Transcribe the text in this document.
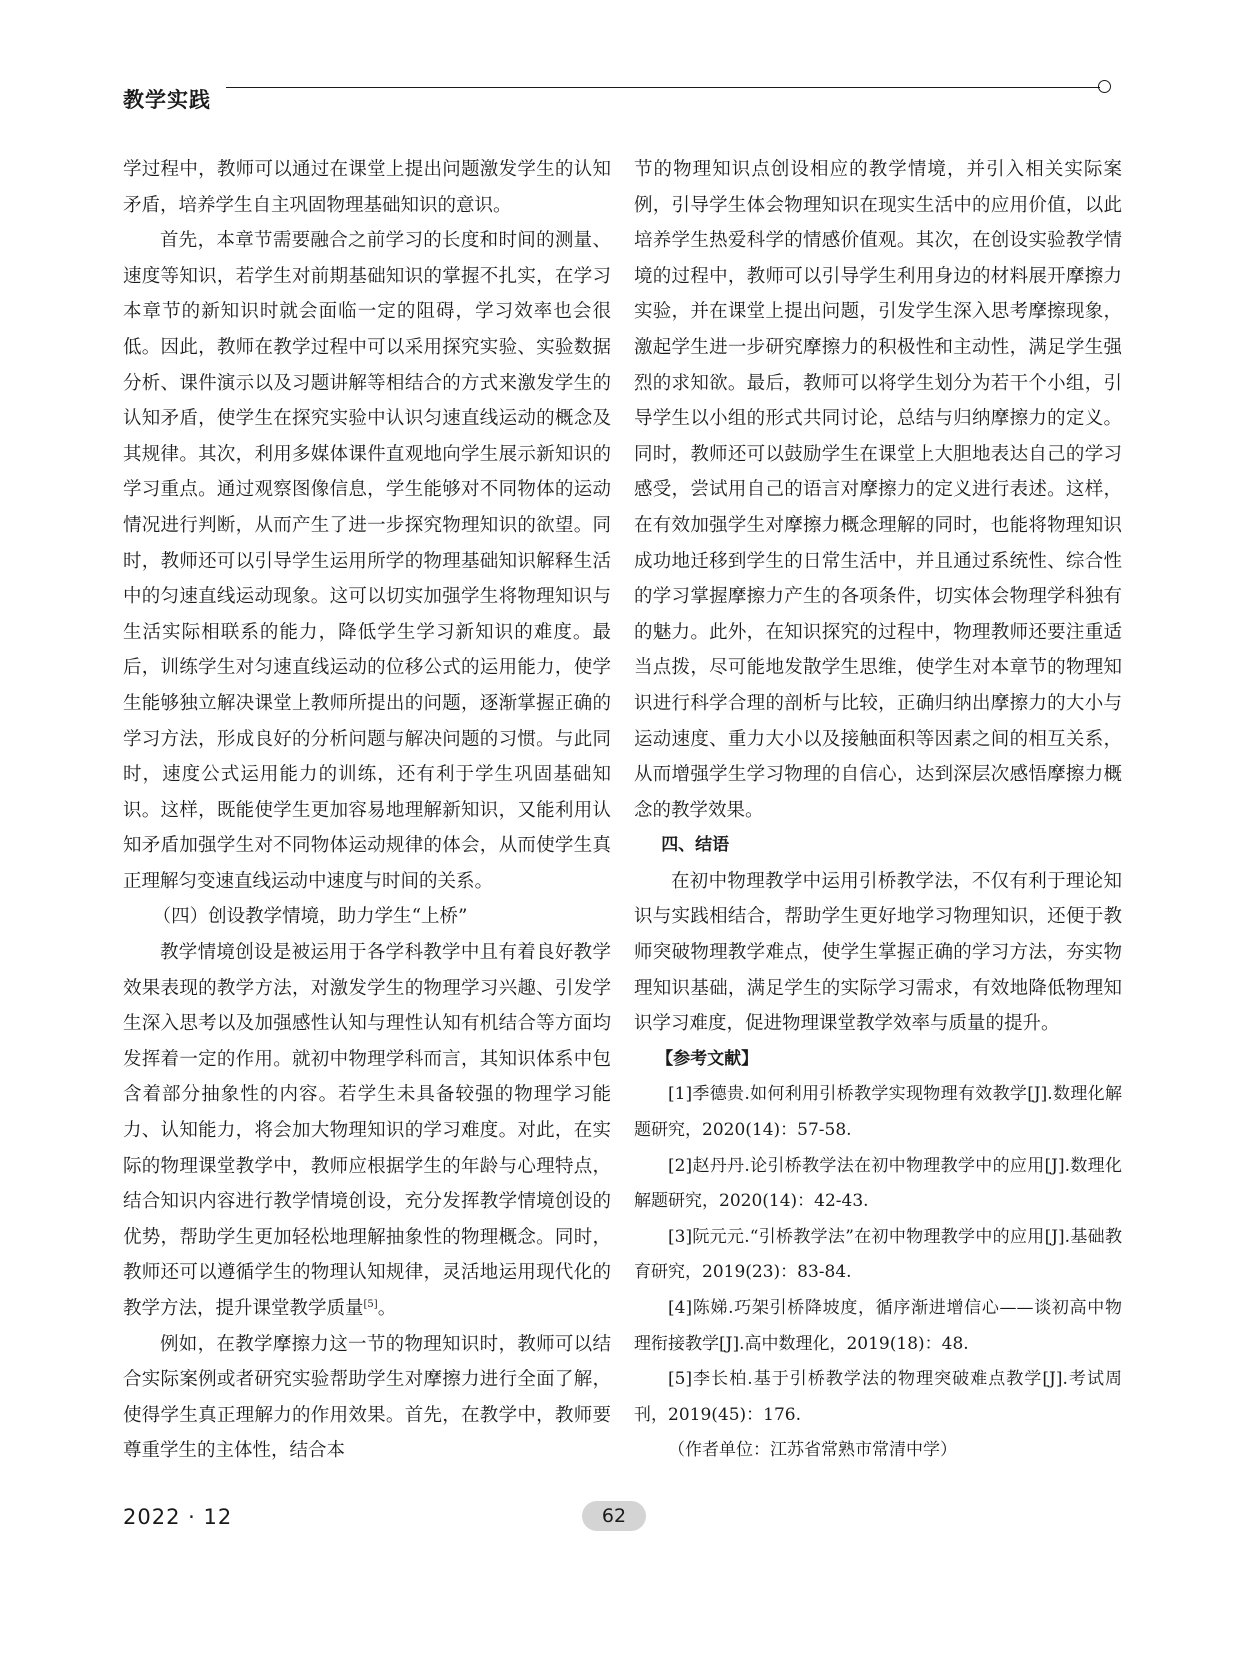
教学实践

学过程中，教师可以通过在课堂上提出问题激发学生的认知矛盾，培养学生自主巩固物理基础知识的意识。

首先，本章节需要融合之前学习的长度和时间的测量、速度等知识，若学生对前期基础知识的掌握不扎实，在学习本章节的新知识时就会面临一定的阻碍，学习效率也会很低。因此，教师在教学过程中可以采用探究实验、实验数据分析、课件演示以及习题讲解等相结合的方式来激发学生的认知矛盾，使学生在探究实验中认识匀速直线运动的概念及其规律。其次，利用多媒体课件直观地向学生展示新知识的学习重点。通过观察图像信息，学生能够对不同物体的运动情况进行判断，从而产生了进一步探究物理知识的欲望。同时，教师还可以引导学生运用所学的物理基础知识解释生活中的匀速直线运动现象。这可以切实加强学生将物理知识与生活实际相联系的能力，降低学生学习新知识的难度。最后，训练学生对匀速直线运动的位移公式的运用能力，使学生能够独立解决课堂上教师所提出的问题，逐渐掌握正确的学习方法，形成良好的分析问题与解决问题的习惯。与此同时，速度公式运用能力的训练，还有利于学生巩固基础知识。这样，既能使学生更加容易地理解新知识，又能利用认知矛盾加强学生对不同物体运动规律的体会，从而使学生真正理解匀变速直线运动中速度与时间的关系。

（四）创设教学情境，助力学生“上桥”

教学情境创设是被运用于各学科教学中且有着良好教学效果表现的教学方法，对激发学生的物理学习兴趣、引发学生深入思考以及加强感性认知与理性认知有机结合等方面均发挥着一定的作用。就初中物理学科而言，其知识体系中包含着部分抽象性的内容。若学生未具备较强的物理学习能力、认知能力，将会加大物理知识的学习难度。对此，在实际的物理课堂教学中，教师应根据学生的年龄与心理特点，结合知识内容进行教学情境创设，充分发挥教学情境创设的优势，帮助学生更加轻松地理解抽象性的物理概念。同时，教师还可以遵循学生的物理认知规律，灵活地运用现代化的教学方法，提升课堂教学质量[5]。

例如，在教学摩擦力这一节的物理知识时，教师可以结合实际案例或者研究实验帮助学生对摩擦力进行全面了解，使得学生真正理解力的作用效果。首先，在教学中，教师要尊重学生的主体性，结合本

节的物理知识点创设相应的教学情境，并引入相关实际案例，引导学生体会物理知识在现实生活中的应用价值，以此培养学生热爱科学的情感价值观。其次，在创设实验教学情境的过程中，教师可以引导学生利用身边的材料展开摩擦力实验，并在课堂上提出问题，引发学生深入思考摩擦现象，激起学生进一步研究摩擦力的积极性和主动性，满足学生强烈的求知欲。最后，教师可以将学生划分为若干个小组，引导学生以小组的形式共同讨论，总结与归纳摩擦力的定义。同时，教师还可以鼓励学生在课堂上大胆地表达自己的学习感受，尝试用自己的语言对摩擦力的定义进行表述。这样，在有效加强学生对摩擦力概念理解的同时，也能将物理知识成功地迁移到学生的日常生活中，并且通过系统性、综合性的学习掌握摩擦力产生的各项条件，切实体会物理学科独有的魅力。此外，在知识探究的过程中，物理教师还要注重适当点拨，尽可能地发散学生思维，使学生对本章节的物理知识进行科学合理的剖析与比较，正确归纳出摩擦力的大小与运动速度、重力大小以及接触面积等因素之间的相互关系，从而增强学生学习物理的自信心，达到深层次感悟摩擦力概念的教学效果。

四、结语

在初中物理教学中运用引桥教学法，不仅有利于理论知识与实践相结合，帮助学生更好地学习物理知识，还便于教师突破物理教学难点，使学生掌握正确的学习方法，夯实物理知识基础，满足学生的实际学习需求，有效地降低物理知识学习难度，促进物理课堂教学效率与质量的提升。

【参考文献】

[1]季德贵.如何利用引桥教学实现物理有效教学[J].数理化解题研究，2020(14)：57-58.

[2]赵丹丹.论引桥教学法在初中物理教学中的应用[J].数理化解题研究，2020(14)：42-43.

[3]阮元元.“引桥教学法”在初中物理教学中的应用[J].基础教育研究，2019(23)：83-84.

[4]陈娣.巧架引桥降坡度，循序渐进增信心——谈初高中物理衔接教学[J].高中数理化，2019(18)：48.

[5]李长柏.基于引桥教学法的物理突破难点教学[J].考试周刊，2019(45)：176.

（作者单位：江苏省常熟市常清中学）

2022 · 12	62
